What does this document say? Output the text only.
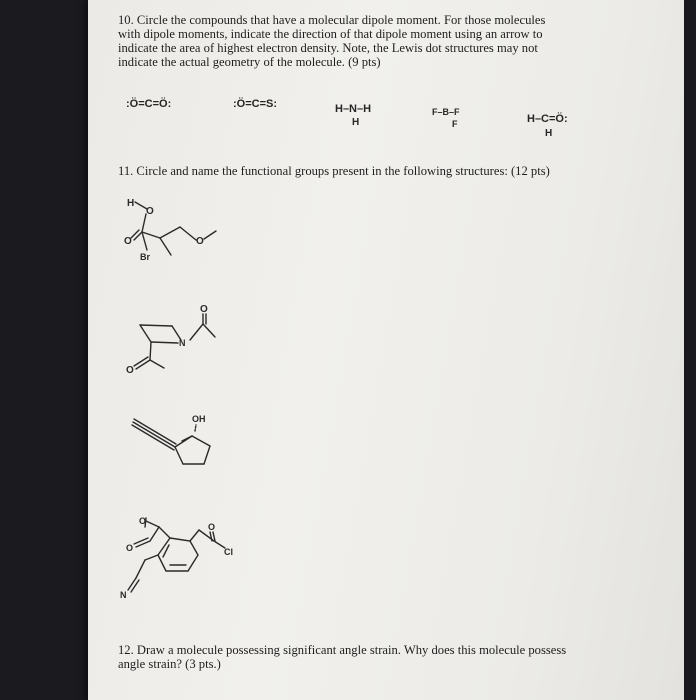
10. Circle the compounds that have a molecular dipole moment. For those molecules with dipole moments, indicate the direction of that dipole moment using an arrow to indicate the area of highest electron density. Note, the Lewis dot structures may not indicate the actual geometry of the molecule. (9 pts)
:Ö=C=Ö:	:Ö=C=S:	H–N–H
H
F–B–F
F	H–C=Ö:
H
11. Circle and name the functional groups present in the following structures: (12 pts)
H
O
O	O
Br
O
N
O
OH
O
O
O
Cl
N
12. Draw a molecule possessing significant angle strain. Why does this molecule possess angle strain? (3 pts.)
